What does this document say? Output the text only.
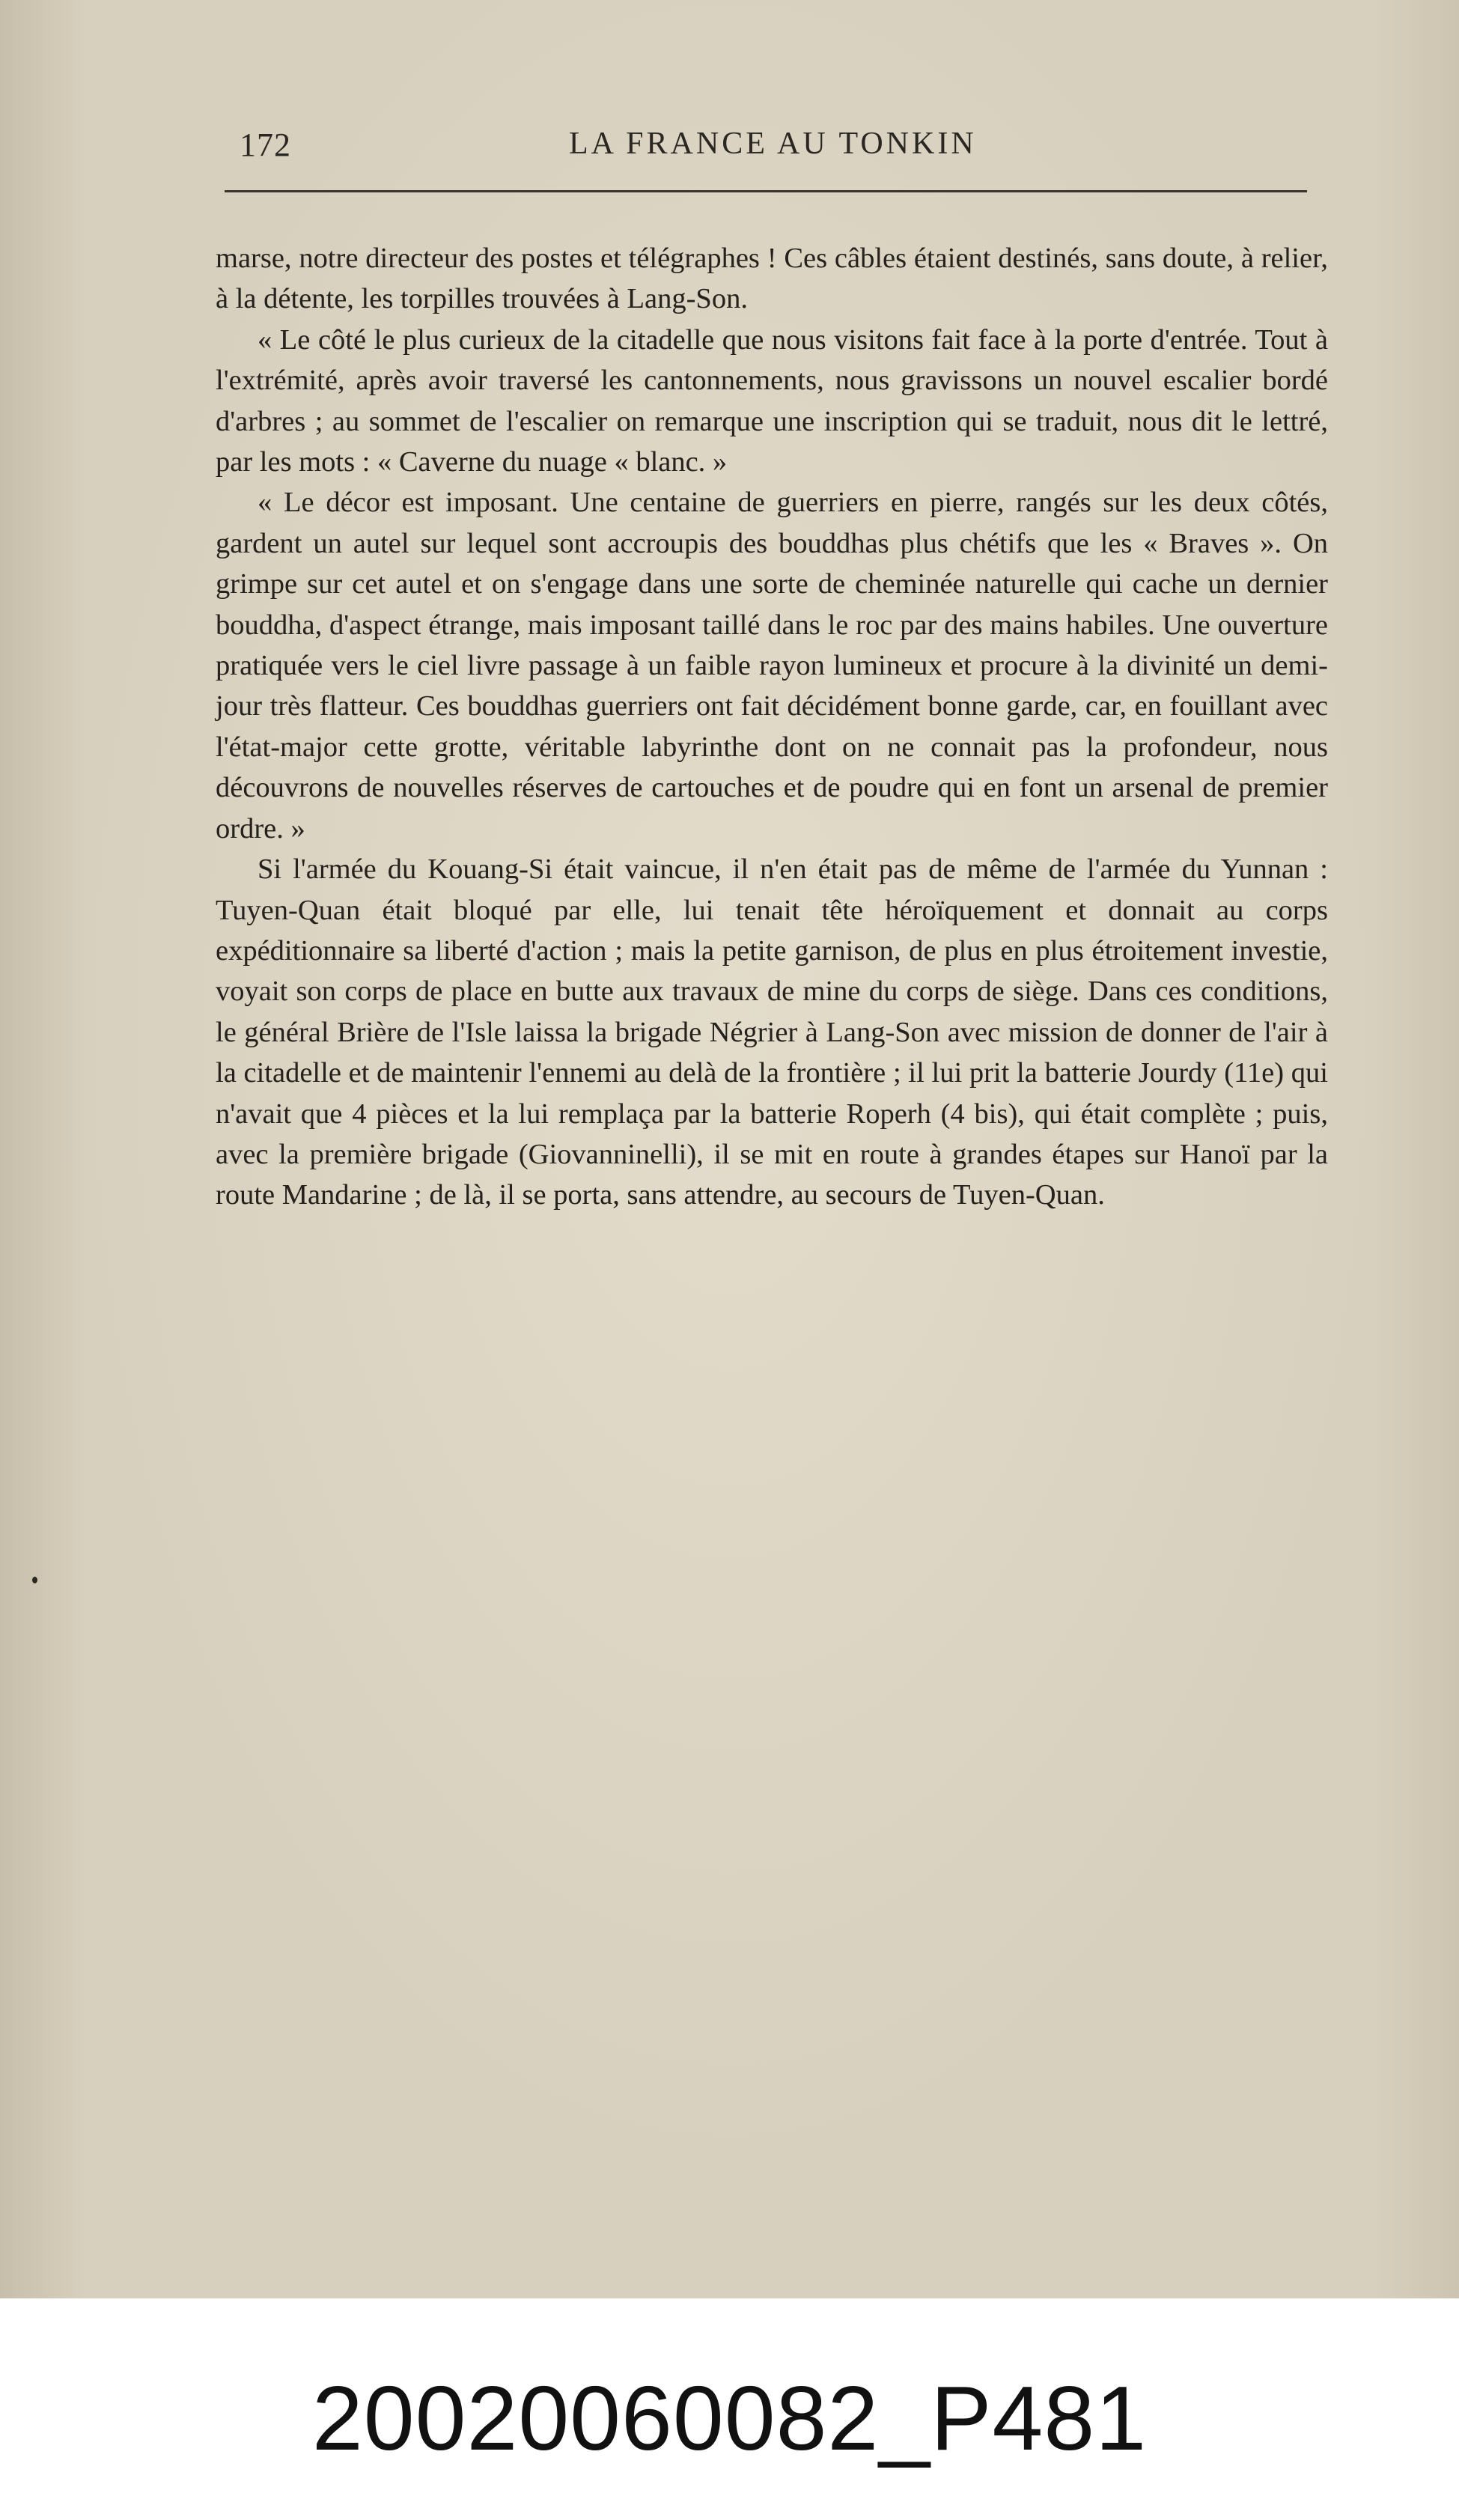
172	LA FRANCE AU TONKIN

marse, notre directeur des postes et télégraphes ! Ces câbles étaient destinés, sans doute, à relier, à la détente, les torpilles trouvées à Lang-Son.

« Le côté le plus curieux de la citadelle que nous visitons fait face à la porte d'entrée. Tout à l'extrémité, après avoir traversé les cantonnements, nous gravissons un nouvel escalier bordé d'arbres ; au sommet de l'escalier on remarque une inscription qui se traduit, nous dit le lettré, par les mots : « Caverne du nuage « blanc. »

« Le décor est imposant. Une centaine de guerriers en pierre, rangés sur les deux côtés, gardent un autel sur lequel sont accroupis des bouddhas plus chétifs que les « Braves ». On grimpe sur cet autel et on s'engage dans une sorte de cheminée naturelle qui cache un dernier bouddha, d'aspect étrange, mais imposant taillé dans le roc par des mains habiles. Une ouverture pratiquée vers le ciel livre passage à un faible rayon lumineux et procure à la divinité un demi-jour très flatteur. Ces bouddhas guerriers ont fait décidément bonne garde, car, en fouillant avec l'état-major cette grotte, véritable labyrinthe dont on ne connait pas la profondeur, nous découvrons de nouvelles réserves de cartouches et de poudre qui en font un arsenal de premier ordre. »

Si l'armée du Kouang-Si était vaincue, il n'en était pas de même de l'armée du Yunnan : Tuyen-Quan était bloqué par elle, lui tenait tête héroïquement et donnait au corps expéditionnaire sa liberté d'action ; mais la petite garnison, de plus en plus étroitement investie, voyait son corps de place en butte aux travaux de mine du corps de siège. Dans ces conditions, le général Brière de l'Isle laissa la brigade Négrier à Lang-Son avec mission de donner de l'air à la citadelle et de maintenir l'ennemi au delà de la frontière ; il lui prit la batterie Jourdy (11e) qui n'avait que 4 pièces et la lui remplaça par la batterie Roperh (4 bis), qui était complète ; puis, avec la première brigade (Giovanninelli), il se mit en route à grandes étapes sur Hanoï par la route Mandarine ; de là, il se porta, sans attendre, au secours de Tuyen-Quan.

20020060082_P481
